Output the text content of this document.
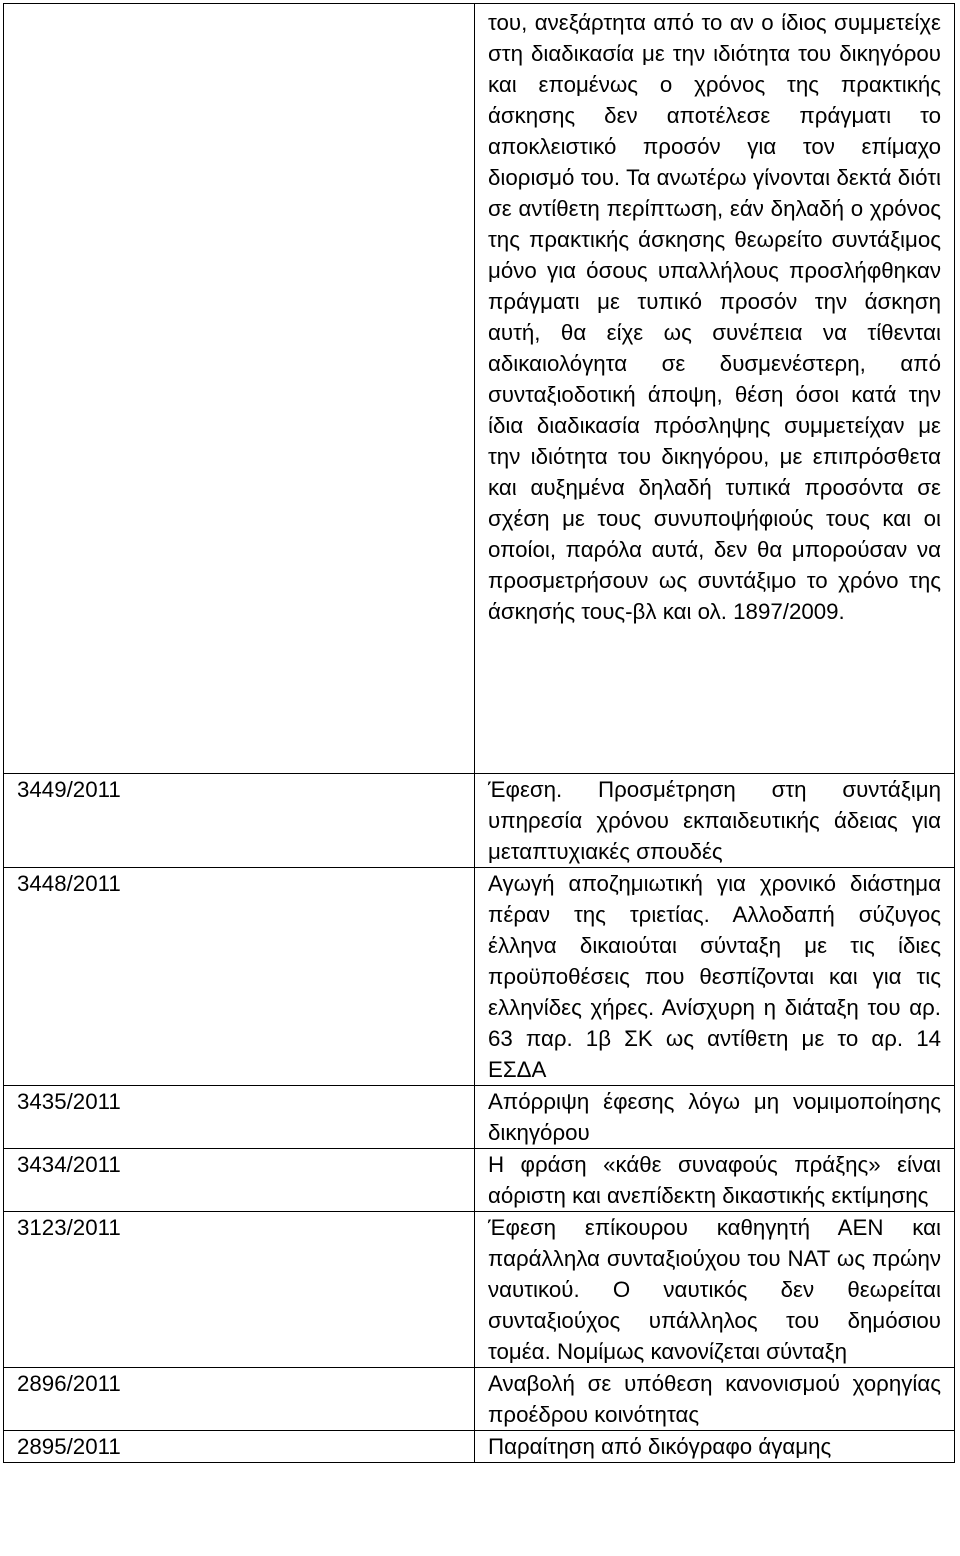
	του, ανεξάρτητα από το αν ο ίδιος συμμετείχε στη διαδικασία με την ιδιότητα του δικηγόρου και επομένως ο χρόνος της πρακτικής άσκησης δεν αποτέλεσε πράγματι το αποκλειστικό προσόν για τον επίμαχο διορισμό του. Τα ανωτέρω γίνονται δεκτά διότι σε αντίθετη περίπτωση, εάν δηλαδή ο χρόνος της πρακτικής άσκησης θεωρείτο συντάξιμος μόνο για όσους υπαλλήλους προσλήφθηκαν πράγματι με τυπικό προσόν την άσκηση αυτή, θα είχε ως συνέπεια να τίθενται αδικαιολόγητα σε δυσμενέστερη, από συνταξιοδοτική άποψη, θέση όσοι κατά την ίδια διαδικασία πρόσληψης συμμετείχαν με την ιδιότητα του δικηγόρου, με επιπρόσθετα και αυξημένα δηλαδή τυπικά προσόντα σε σχέση με τους συνυποψήφιούς τους και οι οποίοι, παρόλα αυτά, δεν θα μπορούσαν να προσμετρήσουν ως συντάξιμο το χρόνο της άσκησής τους-βλ και ολ. 1897/2009.
3449/2011	Έφεση. Προσμέτρηση στη συντάξιμη υπηρεσία χρόνου εκπαιδευτικής άδειας για μεταπτυχιακές σπουδές
3448/2011	Αγωγή αποζημιωτική για χρονικό διάστημα πέραν της τριετίας. Αλλοδαπή σύζυγος έλληνα δικαιούται σύνταξη με τις ίδιες προϋποθέσεις που θεσπίζονται και για τις ελληνίδες χήρες. Ανίσχυρη η διάταξη του αρ. 63 παρ. 1β ΣΚ ως αντίθετη με το αρ. 14 ΕΣΔΑ
3435/2011	Απόρριψη έφεσης λόγω μη νομιμοποίησης δικηγόρου
3434/2011	Η φράση «κάθε συναφούς πράξης» είναι αόριστη και ανεπίδεκτη δικαστικής εκτίμησης
3123/2011	Έφεση επίκουρου καθηγητή ΑΕΝ και παράλληλα συνταξιούχου του ΝΑΤ ως πρώην ναυτικού. Ο ναυτικός δεν θεωρείται συνταξιούχος υπάλληλος του δημόσιου τομέα. Νομίμως κανονίζεται σύνταξη
2896/2011	Αναβολή σε υπόθεση κανονισμού χορηγίας προέδρου κοινότητας
2895/2011	Παραίτηση από δικόγραφο άγαμης
